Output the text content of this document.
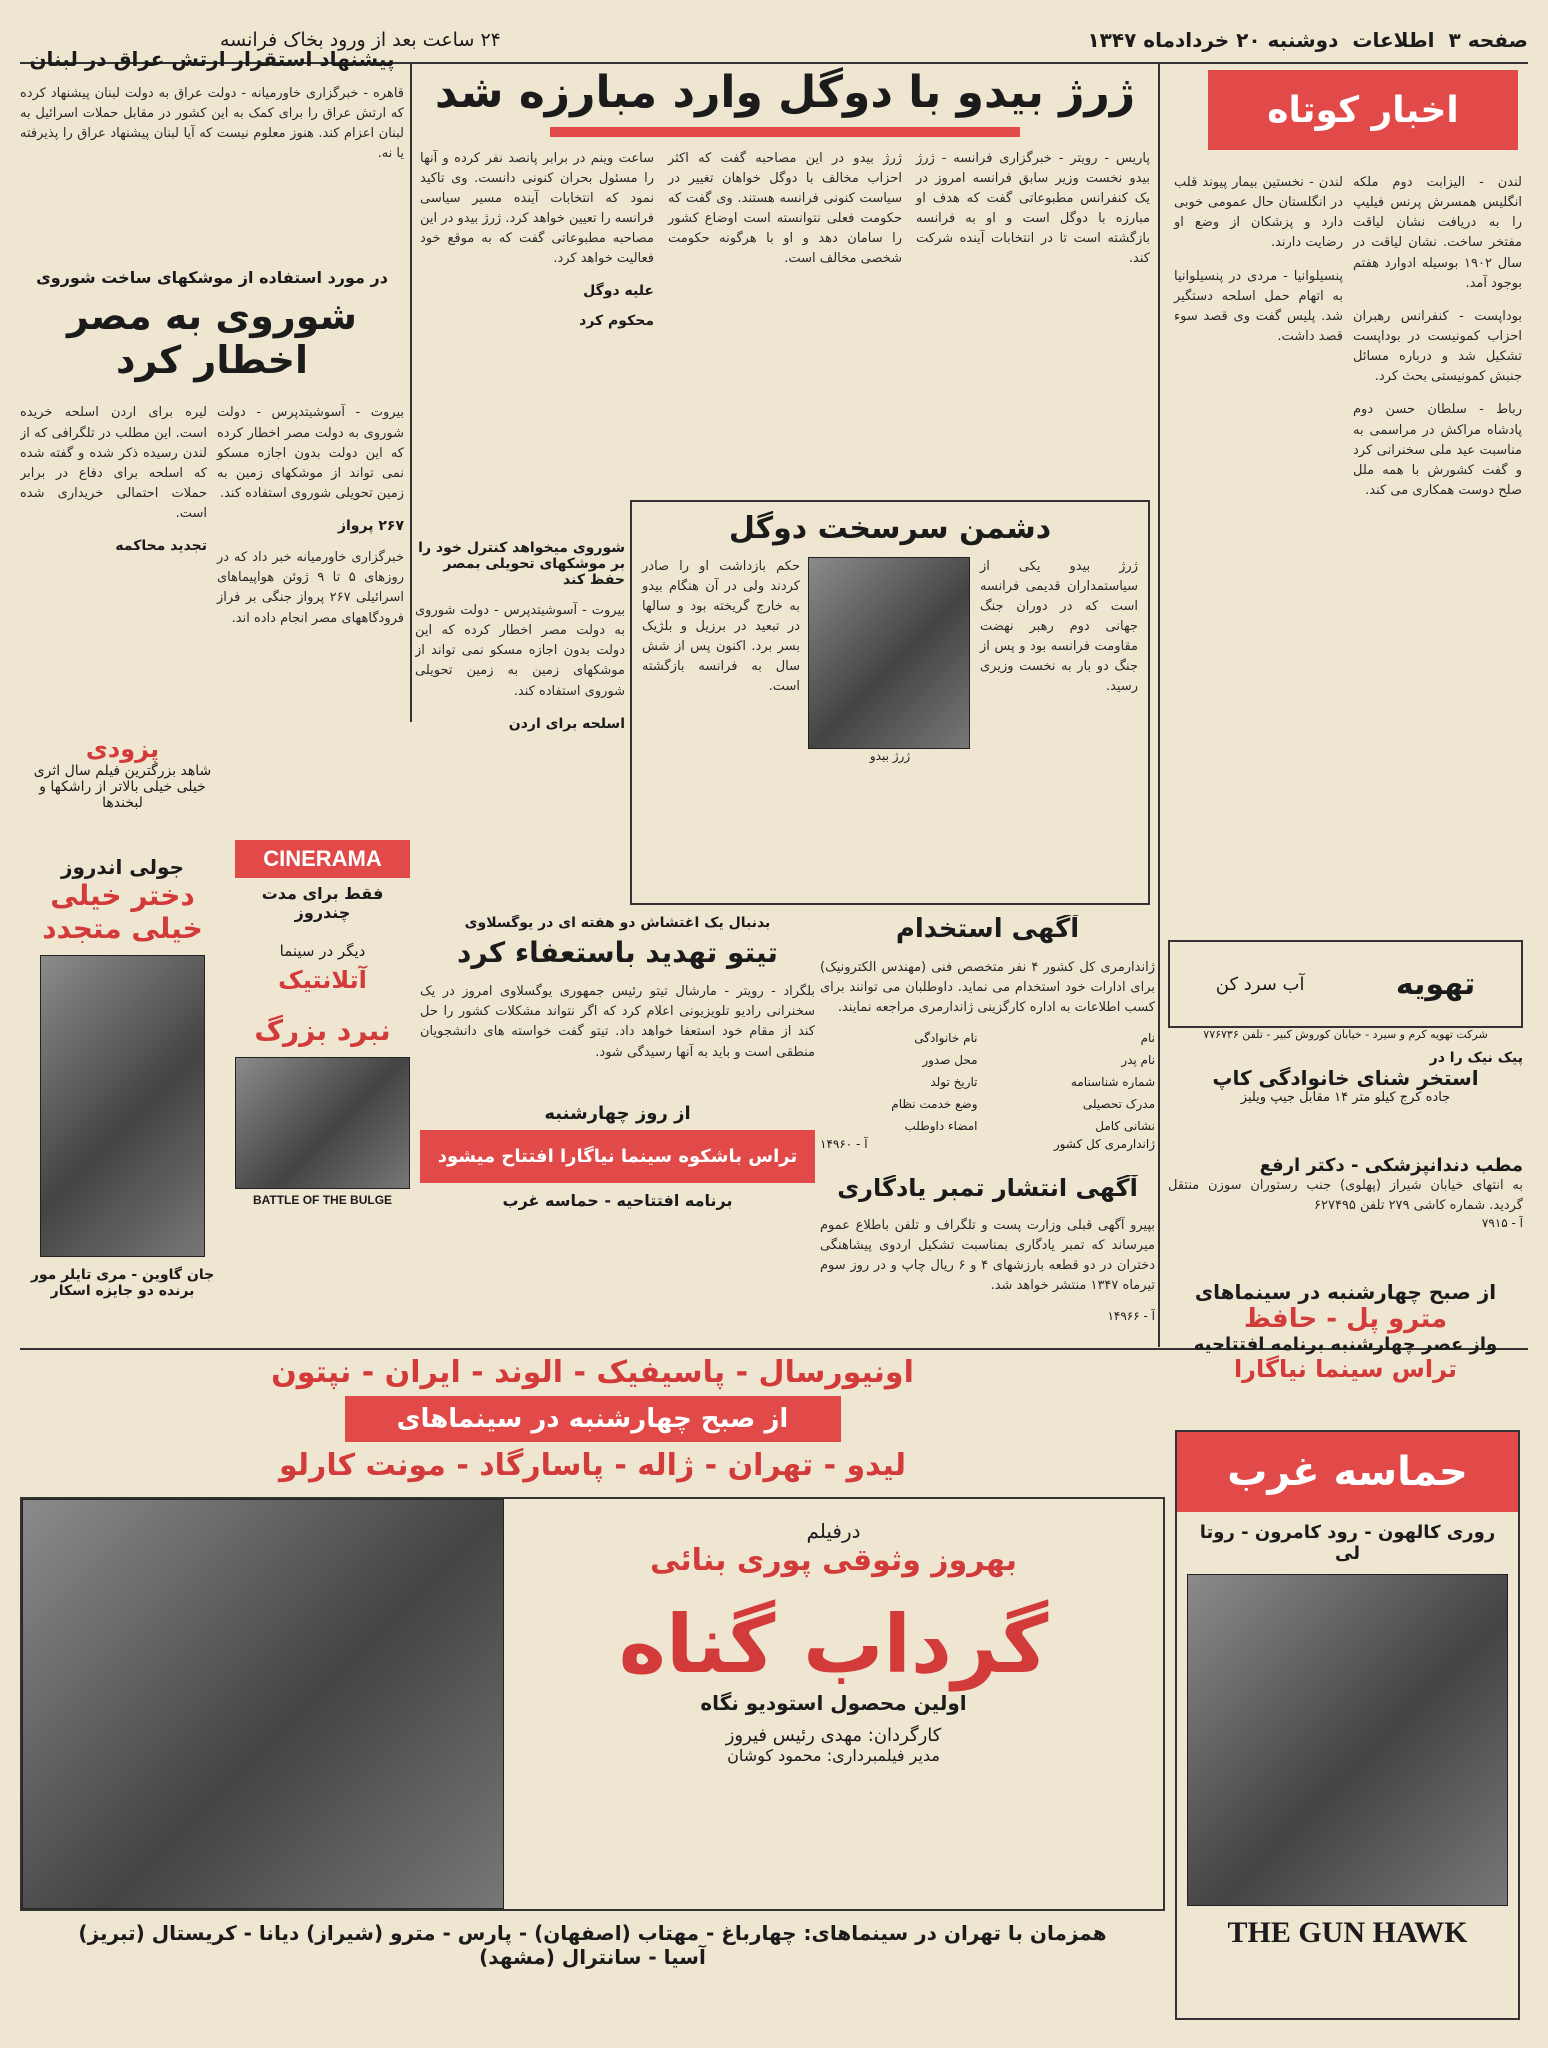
صفحه ۳
اطلاعات
دوشنبه ۲۰ خردادماه ۱۳۴۷
۲۴ ساعت بعد از ورود بخاک فرانسه
اخبار کوتاه

لندن - الیزابت دوم ملکه انگلیس همسرش پرنس فیلیپ را به دریافت نشان لیاقت مفتخر ساخت. نشان لیاقت در سال ۱۹۰۲ بوسیله ادوارد هفتم بوجود آمد.

بوداپست - کنفرانس رهبران احزاب کمونیست در بوداپست تشکیل شد و درباره مسائل جنبش کمونیستی بحث کرد.

رباط - سلطان حسن دوم پادشاه مراکش در مراسمی به مناسبت عید ملی سخنرانی کرد و گفت کشورش با همه ملل صلح دوست همکاری می کند.

لندن - نخستین بیمار پیوند قلب در انگلستان حال عمومی خوبی دارد و پزشکان از وضع او رضایت دارند.

پنسیلوانیا - مردی در پنسیلوانیا به اتهام حمل اسلحه دستگیر شد. پلیس گفت وی قصد سوء قصد داشت.

ژرژ بیدو با دوگل وارد مبارزه شد

پاریس - رویتر - خبرگزاری فرانسه - ژرژ بیدو نخست وزیر سابق فرانسه امروز در یک کنفرانس مطبوعاتی گفت که هدف او مبارزه با دوگل است و او به فرانسه بازگشته است تا در انتخابات آینده شرکت کند.

ژرژ بیدو در این مصاحبه گفت که اکثر احزاب مخالف با دوگل خواهان تغییر در سیاست کنونی فرانسه هستند. وی گفت که حکومت فعلی نتوانسته است اوضاع کشور را سامان دهد و او با هرگونه حکومت شخصی مخالف است.

ساعت وینم در برابر پانصد نفر کرده و آنها را مسئول بحران کنونی دانست. وی تاکید نمود که انتخابات آینده مسیر سیاسی فرانسه را تعیین خواهد کرد. ژرژ بیدو در این مصاحبه مطبوعاتی گفت که به موقع خود فعالیت خواهد کرد.

علیه دوگل

محکوم کرد

پیشنهاد استقرار ارتش عراق در لبنان

قاهره - خبرگزاری خاورمیانه - دولت عراق به دولت لبنان پیشنهاد کرده که ارتش عراق را برای کمک به این کشور در مقابل حملات اسرائیل به لبنان اعزام کند. هنوز معلوم نیست که آیا لبنان پیشنهاد عراق را پذیرفته یا نه.

در مورد استفاده از موشکهای ساخت شوروی
شوروی به مصر اخطار کرد

بیروت - آسوشیتدپرس - دولت شوروی به دولت مصر اخطار کرده که این دولت بدون اجازه مسکو نمی تواند از موشکهای زمین به زمین تحویلی شوروی استفاده کند.

۲۶۷ پرواز

خبرگزاری خاورمیانه خبر داد که در روزهای ۵ تا ۹ ژوئن هواپیماهای اسرائیلی ۲۶۷ پرواز جنگی بر فراز فرودگاههای مصر انجام داده اند.

لیره برای اردن اسلحه خریده است. این مطلب در تلگرافی که از لندن رسیده ذکر شده و گفته شده که اسلحه برای دفاع در برابر حملات احتمالی خریداری شده است.

تجدید محاکمه	شوروی میخواهد کنترل خود را بر موشکهای تحویلی بمصر حفظ کند

بیروت - آسوشیتدپرس - دولت شوروی به دولت مصر اخطار کرده که این دولت بدون اجازه مسکو نمی تواند از موشکهای زمین به زمین تحویلی شوروی استفاده کند.

اسلحه برای اردن

دشمن سرسخت دوگل

ژرژ بیدو یکی از سیاستمداران قدیمی فرانسه است که در دوران جنگ جهانی دوم رهبر نهضت مقاومت فرانسه بود و پس از جنگ دو بار به نخست وزیری رسید.

ژرژ بیدو

حکم بازداشت او را صادر کردند ولی در آن هنگام بیدو به خارج گریخته بود و سالها در تبعید در برزیل و بلژیک بسر برد. اکنون پس از شش سال به فرانسه بازگشته است.

تهویه
آب سرد کن
شرکت تهویه کرم و سیرد - خیابان کوروش کبیر - تلفن ۷۷۶۷۳۶
پیک نیک را در
استخر شنای خانوادگی کاپ
جاده کرج کیلو متر ۱۴ مقابل جیپ ویلیز
مطب دندانپزشکی - دکتر ارفع
به انتهای خیابان شیراز (پهلوی) جنب رستوران سوزن منتقل گردید. شماره کاشی ۲۷۹ تلفن ۶۲۷۴۹۵
آ - ۷۹۱۵
از صبح چهارشنبه در سینماهای
مترو پل - حافظ
واز عصر چهارشنبه برنامه افتتاحیه
تراس سینما نیاگارا
حماسه غرب
روری کالهون - رود کامرون - روتا لی
THE GUN HAWK
پزودی
شاهد بزرگترین فیلم سال اثری خیلی خیلی بالاتر از راشکها و لبخندها
جولی اندروز
دختر خیلی خیلی متجدد
جان گاوین - مری تایلر مور
برنده دو جایزه اسکار
CINERAMA
فقط برای مدت چندروز
دیگر در سینما
آتلانتیک
نبرد بزرگ
BATTLE OF THE BULGE
بدنبال یک اغتشاش دو هفته ای در یوگسلاوی
تیتو تهدید باستعفاء کرد

بلگراد - رویتر - مارشال تیتو رئیس جمهوری یوگسلاوی امروز در یک سخنرانی رادیو تلویزیونی اعلام کرد که اگر نتواند مشکلات کشور را حل کند از مقام خود استعفا خواهد داد. تیتو گفت خواسته های دانشجویان منطقی است و باید به آنها رسیدگی شود.

از روز چهارشنبه
تراس باشکوه سینما نیاگارا افتتاح میشود
برنامه افتتاحیه - حماسه غرب
آگهی استخدام

ژاندارمری کل کشور ۴ نفر متخصص فنی (مهندس الکترونیک) برای ادارات خود استخدام می نماید. داوطلبان می توانند برای کسب اطلاعات به اداره کارگزینی ژاندارمری مراجعه نمایند.

نام
نام خانوادگی
نام پدر
محل صدور
شماره شناسنامه
تاریخ تولد
مدرک تحصیلی
وضع خدمت نظام
نشانی کامل
امضاء داوطلب
ژاندارمری کل کشور
آ - ۱۴۹۶۰
آگهی انتشار تمبر یادگاری

بپیرو آگهی قبلی وزارت پست و تلگراف و تلفن باطلاع عموم میرساند که تمبر یادگاری بمناسبت تشکیل اردوی پیشاهنگی دختران در دو قطعه بارزشهای ۴ و ۶ ریال چاپ و در روز سوم تیرماه ۱۳۴۷ منتشر خواهد شد.

آ - ۱۴۹۶۶
اونیورسال - پاسیفیک - الوند - ایران - نپتون
از صبح چهارشنبه در سینماهای
لیدو - تهران - ژاله - پاسارگاد - مونت کارلو
درفیلم
بهروز وثوقی پوری بنائی
گرداب گناه
اولین محصول استودیو نگاه
کارگردان: مهدی رئیس فیروز
مدیر فیلمبرداری: محمود کوشان
همزمان با تهران در سینماهای: چهارباغ - مهتاب (اصفهان) - پارس - مترو (شیراز) دیانا - کریستال (تبریز)
آسیا - سانترال (مشهد)
